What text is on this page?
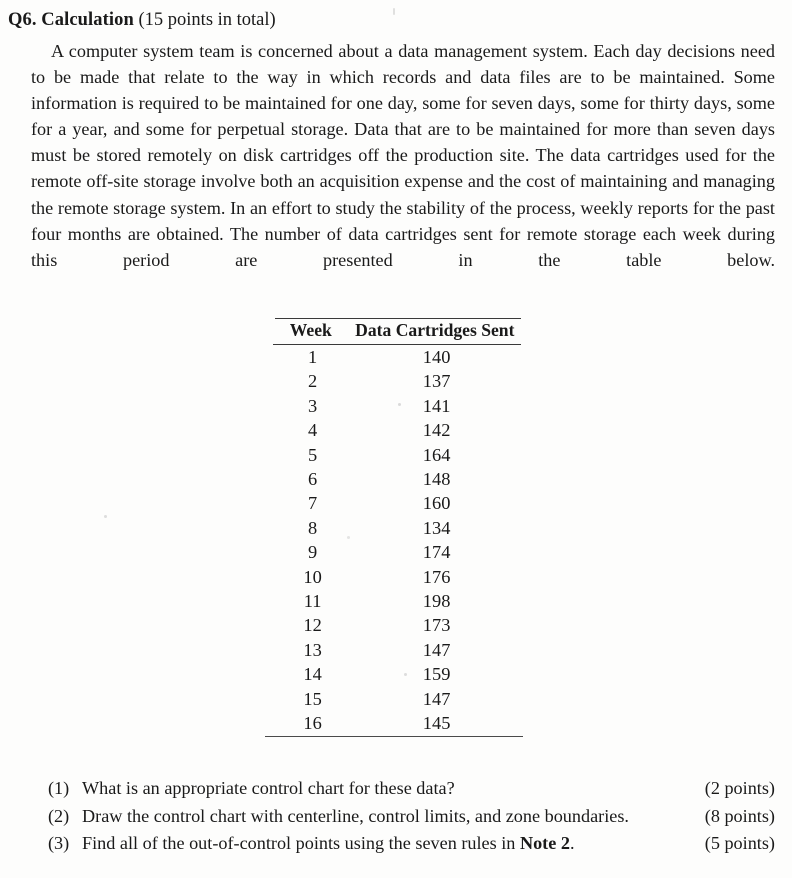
Q6. Calculation (15 points in total)
A computer system team is concerned about a data management system. Each day decisions need to be made that relate to the way in which records and data files are to be maintained. Some information is required to be maintained for one day, some for seven days, some for thirty days, some for a year, and some for perpetual storage. Data that are to be maintained for more than seven days must be stored remotely on disk cartridges off the production site. The data cartridges used for the remote off-site storage involve both an acquisition expense and the cost of maintaining and managing the remote storage system. In an effort to study the stability of the process, weekly reports for the past four months are obtained. The number of data cartridges sent for remote storage each week during this period are presented in the table below.
Week	Data Cartridges Sent
1	140
2	137
3	141
4	142
5	164
6	148
7	160
8	134
9	174
10	176
11	198
12	173
13	147
14	159
15	147
16	145
(1) What is an appropriate control chart for these data?	(2 points)
(2) Draw the control chart with centerline, control limits, and zone boundaries.	(8 points)
(3) Find all of the out-of-control points using the seven rules in Note 2.	(5 points)
